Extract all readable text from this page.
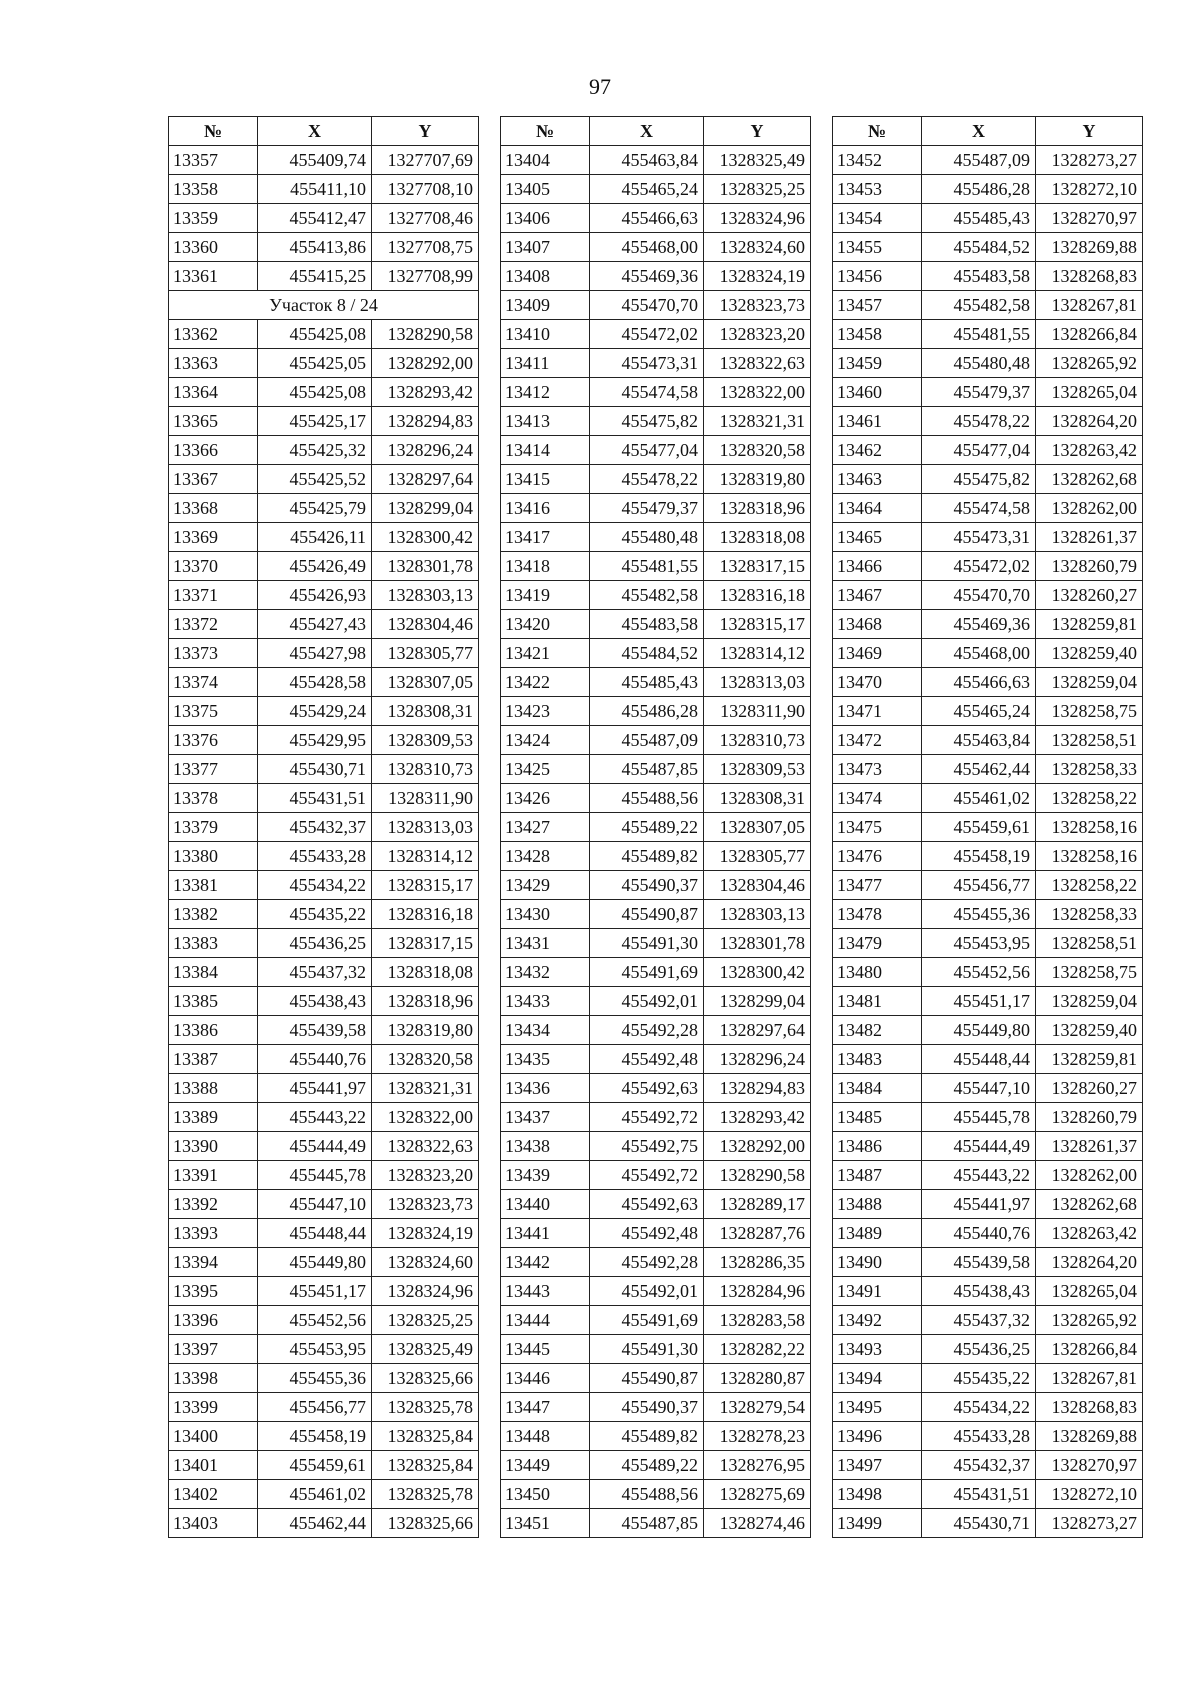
97
№	X	Y
13357	455409,74	1327707,69
13358	455411,10	1327708,10
13359	455412,47	1327708,46
13360	455413,86	1327708,75
13361	455415,25	1327708,99
Участок 8 / 24		
13362	455425,08	1328290,58
13363	455425,05	1328292,00
13364	455425,08	1328293,42
13365	455425,17	1328294,83
13366	455425,32	1328296,24
13367	455425,52	1328297,64
13368	455425,79	1328299,04
13369	455426,11	1328300,42
13370	455426,49	1328301,78
13371	455426,93	1328303,13
13372	455427,43	1328304,46
13373	455427,98	1328305,77
13374	455428,58	1328307,05
13375	455429,24	1328308,31
13376	455429,95	1328309,53
13377	455430,71	1328310,73
13378	455431,51	1328311,90
13379	455432,37	1328313,03
13380	455433,28	1328314,12
13381	455434,22	1328315,17
13382	455435,22	1328316,18
13383	455436,25	1328317,15
13384	455437,32	1328318,08
13385	455438,43	1328318,96
13386	455439,58	1328319,80
13387	455440,76	1328320,58
13388	455441,97	1328321,31
13389	455443,22	1328322,00
13390	455444,49	1328322,63
13391	455445,78	1328323,20
13392	455447,10	1328323,73
13393	455448,44	1328324,19
13394	455449,80	1328324,60
13395	455451,17	1328324,96
13396	455452,56	1328325,25
13397	455453,95	1328325,49
13398	455455,36	1328325,66
13399	455456,77	1328325,78
13400	455458,19	1328325,84
13401	455459,61	1328325,84
13402	455461,02	1328325,78
13403	455462,44	1328325,66
№	X	Y
13404	455463,84	1328325,49
13405	455465,24	1328325,25
13406	455466,63	1328324,96
13407	455468,00	1328324,60
13408	455469,36	1328324,19
13409	455470,70	1328323,73
13410	455472,02	1328323,20
13411	455473,31	1328322,63
13412	455474,58	1328322,00
13413	455475,82	1328321,31
13414	455477,04	1328320,58
13415	455478,22	1328319,80
13416	455479,37	1328318,96
13417	455480,48	1328318,08
13418	455481,55	1328317,15
13419	455482,58	1328316,18
13420	455483,58	1328315,17
13421	455484,52	1328314,12
13422	455485,43	1328313,03
13423	455486,28	1328311,90
13424	455487,09	1328310,73
13425	455487,85	1328309,53
13426	455488,56	1328308,31
13427	455489,22	1328307,05
13428	455489,82	1328305,77
13429	455490,37	1328304,46
13430	455490,87	1328303,13
13431	455491,30	1328301,78
13432	455491,69	1328300,42
13433	455492,01	1328299,04
13434	455492,28	1328297,64
13435	455492,48	1328296,24
13436	455492,63	1328294,83
13437	455492,72	1328293,42
13438	455492,75	1328292,00
13439	455492,72	1328290,58
13440	455492,63	1328289,17
13441	455492,48	1328287,76
13442	455492,28	1328286,35
13443	455492,01	1328284,96
13444	455491,69	1328283,58
13445	455491,30	1328282,22
13446	455490,87	1328280,87
13447	455490,37	1328279,54
13448	455489,82	1328278,23
13449	455489,22	1328276,95
13450	455488,56	1328275,69
13451	455487,85	1328274,46
№	X	Y
13452	455487,09	1328273,27
13453	455486,28	1328272,10
13454	455485,43	1328270,97
13455	455484,52	1328269,88
13456	455483,58	1328268,83
13457	455482,58	1328267,81
13458	455481,55	1328266,84
13459	455480,48	1328265,92
13460	455479,37	1328265,04
13461	455478,22	1328264,20
13462	455477,04	1328263,42
13463	455475,82	1328262,68
13464	455474,58	1328262,00
13465	455473,31	1328261,37
13466	455472,02	1328260,79
13467	455470,70	1328260,27
13468	455469,36	1328259,81
13469	455468,00	1328259,40
13470	455466,63	1328259,04
13471	455465,24	1328258,75
13472	455463,84	1328258,51
13473	455462,44	1328258,33
13474	455461,02	1328258,22
13475	455459,61	1328258,16
13476	455458,19	1328258,16
13477	455456,77	1328258,22
13478	455455,36	1328258,33
13479	455453,95	1328258,51
13480	455452,56	1328258,75
13481	455451,17	1328259,04
13482	455449,80	1328259,40
13483	455448,44	1328259,81
13484	455447,10	1328260,27
13485	455445,78	1328260,79
13486	455444,49	1328261,37
13487	455443,22	1328262,00
13488	455441,97	1328262,68
13489	455440,76	1328263,42
13490	455439,58	1328264,20
13491	455438,43	1328265,04
13492	455437,32	1328265,92
13493	455436,25	1328266,84
13494	455435,22	1328267,81
13495	455434,22	1328268,83
13496	455433,28	1328269,88
13497	455432,37	1328270,97
13498	455431,51	1328272,10
13499	455430,71	1328273,27
